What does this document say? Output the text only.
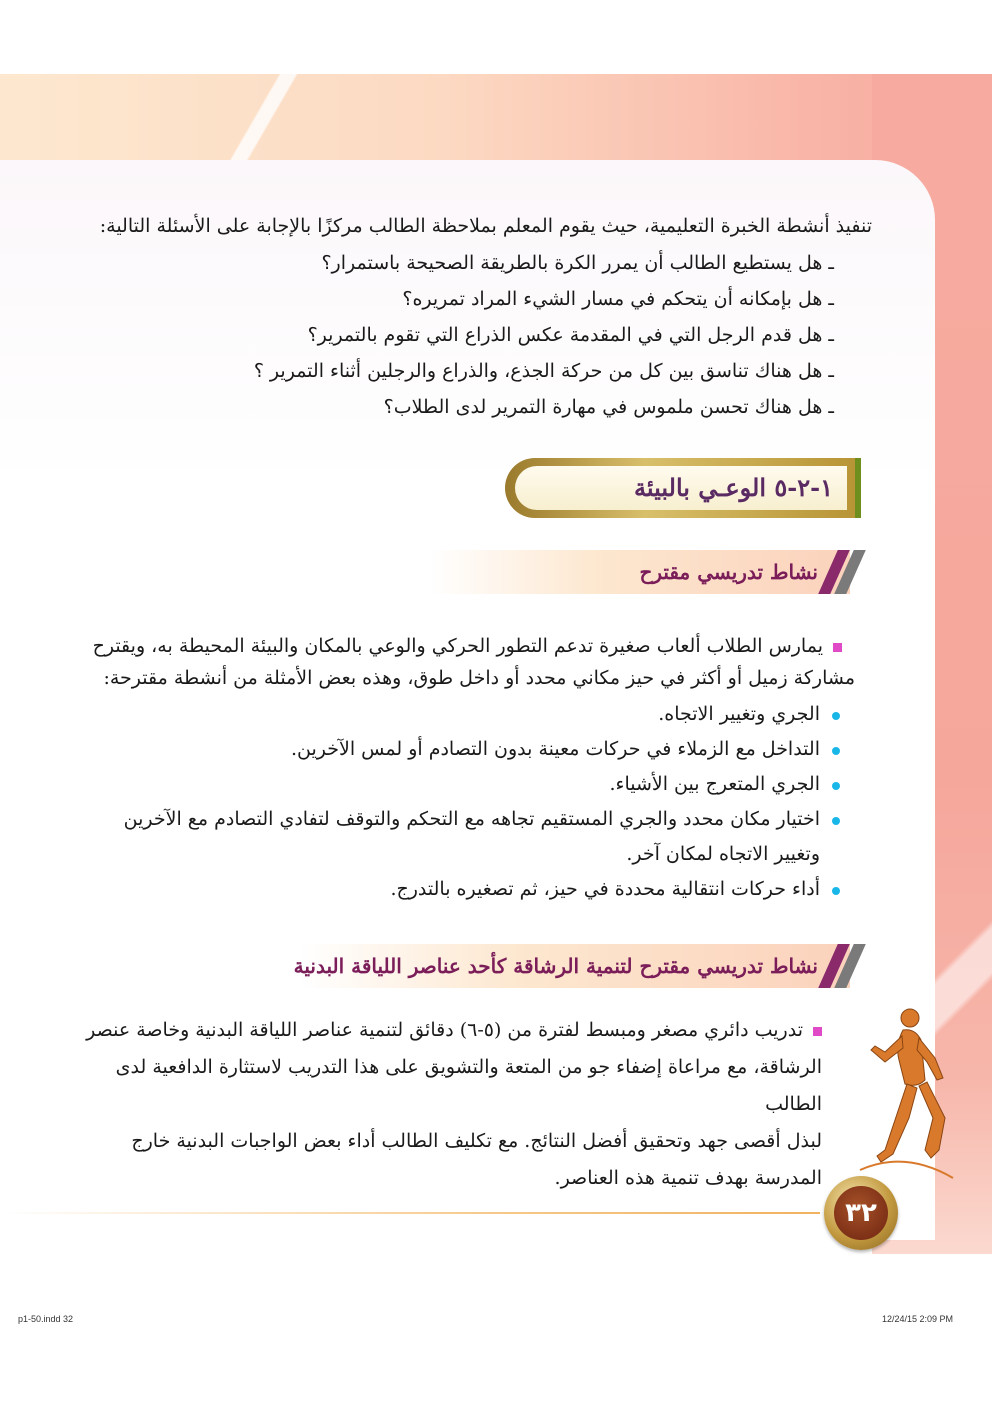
تنفيذ أنشطة الخبرة التعليمية، حيث يقوم المعلم بملاحظة الطالب مركزًا بالإجابة على الأسئلة التالية:
ـ هل يستطيع الطالب أن يمرر الكرة بالطريقة الصحيحة باستمرار؟
ـ هل بإمكانه أن يتحكم في مسار الشيء المراد تمريره؟
ـ هل قدم الرجل التي في المقدمة عكس الذراع التي تقوم بالتمرير؟
ـ هل هناك تناسق بين كل من حركة الجذع، والذراع والرجلين أثناء التمرير ؟
ـ هل هناك تحسن ملموس في مهارة التمرير لدى الطلاب؟
١-٢-٥ الوعـي بالبيئة
نشاط تدريسي مقترح
يمارس الطلاب ألعاب صغيرة تدعم التطور الحركي والوعي بالمكان والبيئة المحيطة به، ويقترح
مشاركة زميل أو أكثر في حيز مكاني محدد أو داخل طوق، وهذه بعض الأمثلة من أنشطة مقترحة:
الجري وتغيير الاتجاه.
التداخل مع الزملاء في حركات معينة بدون التصادم أو لمس الآخرين.
الجري المتعرج بين الأشياء.
اختيار مكان محدد والجري المستقيم تجاهه مع التحكم والتوقف لتفادي التصادم مع الآخرين
وتغيير الاتجاه لمكان آخر.
أداء حركات انتقالية محددة في حيز، ثم تصغيره بالتدرج.
نشاط تدريسي مقترح لتنمية الرشاقة كأحد عناصر اللياقة البدنية
تدريب دائري مصغر ومبسط لفترة من (٥-٦) دقائق لتنمية عناصر اللياقة البدنية وخاصة عنصر
الرشاقة، مع مراعاة إضفاء جو من المتعة والتشويق على هذا التدريب لاستثارة الدافعية لدى الطالب
لبذل أقصى جهد وتحقيق أفضل النتائج. مع تكليف الطالب أداء بعض الواجبات البدنية خارج
المدرسة بهدف تنمية هذه العناصر.
٣٢
p1-50.indd 32	12/24/15 2:09 PM
